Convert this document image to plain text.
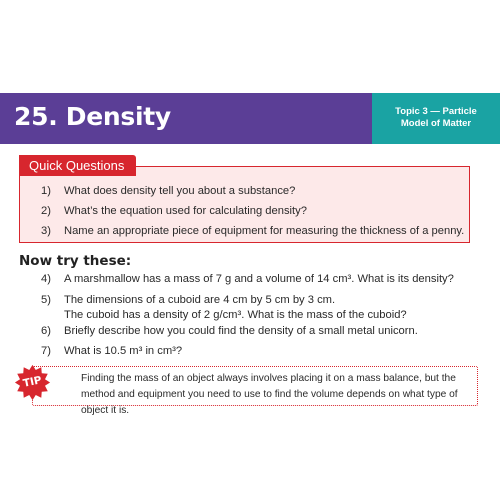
25. Density	Topic 3 — Particle
Model of Matter
Quick Questions
1) What does density tell you about a substance?
2) What’s the equation used for calculating density?
3) Name an appropriate piece of equipment for measuring the thickness of a penny.
Now try these:
4) A marshmallow has a mass of 7 g and a volume of 14 cm³. What is its density?
5) The dimensions of a cuboid are 4 cm by 5 cm by 3 cm.
The cuboid has a density of 2 g/cm³. What is the mass of the cuboid?
6) Briefly describe how you could find the density of a small metal unicorn.
7) What is 10.5 m³ in cm³?
Finding the mass of an object always involves placing it on a mass balance, but the method and equipment you need to use to find the volume depends on what type of object it is.
TIP
